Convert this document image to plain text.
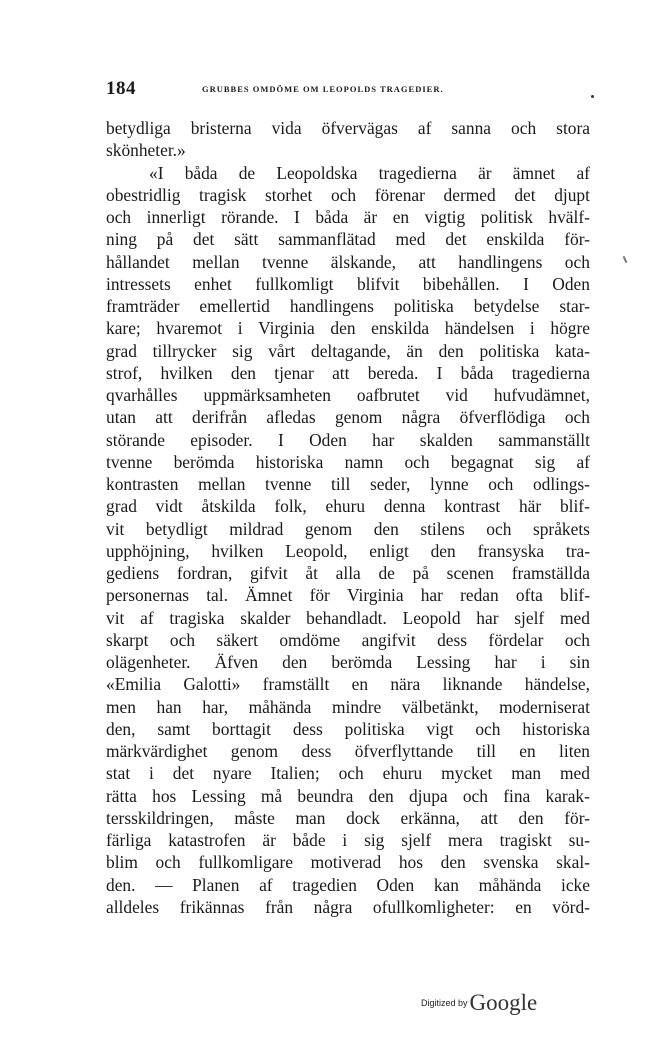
184	GRUBBES OMDÖME OM LEOPOLDS TRAGEDIER.
betydliga bristerna vida öfvervägas af sanna och stora
skönheter.»
«I båda de Leopoldska tragedierna är ämnet af
obestridlig tragisk storhet och förenar dermed det djupt
och innerligt rörande. I båda är en vigtig politisk hvälf-
ning på det sätt sammanflätad med det enskilda för-
hållandet mellan tvenne älskande, att handlingens och
intressets enhet fullkomligt blifvit bibehållen. I Oden
framträder emellertid handlingens politiska betydelse star-
kare; hvaremot i Virginia den enskilda händelsen i högre
grad tillrycker sig vårt deltagande, än den politiska kata-
strof, hvilken den tjenar att bereda. I båda tragedierna
qvarhålles uppmärksamheten oafbrutet vid hufvudämnet,
utan att derifrån afledas genom några öfverflödiga och
störande episoder. I Oden har skalden sammanställt
tvenne berömda historiska namn och begagnat sig af
kontrasten mellan tvenne till seder, lynne och odlings-
grad vidt åtskilda folk, ehuru denna kontrast här blif-
vit betydligt mildrad genom den stilens och språkets
upphöjning, hvilken Leopold, enligt den fransyska tra-
gediens fordran, gifvit åt alla de på scenen framställda
personernas tal. Ämnet för Virginia har redan ofta blif-
vit af tragiska skalder behandladt. Leopold har sjelf med
skarpt och säkert omdöme angifvit dess fördelar och
olägenheter. Äfven den berömda Lessing har i sin
«Emilia Galotti» framställt en nära liknande händelse,
men han har, måhända mindre välbetänkt, moderniserat
den, samt borttagit dess politiska vigt och historiska
märkvärdighet genom dess öfverflyttande till en liten
stat i det nyare Italien; och ehuru mycket man med
rätta hos Lessing må beundra den djupa och fina karak-
tersskildringen, måste man dock erkänna, att den för-
färliga katastrofen är både i sig sjelf mera tragiskt su-
blim och fullkomligare motiverad hos den svenska skal-
den. — Planen af tragedien Oden kan måhända icke
alldeles frikännas från några ofullkomligheter: en vörd-
Digitized byGoogle
